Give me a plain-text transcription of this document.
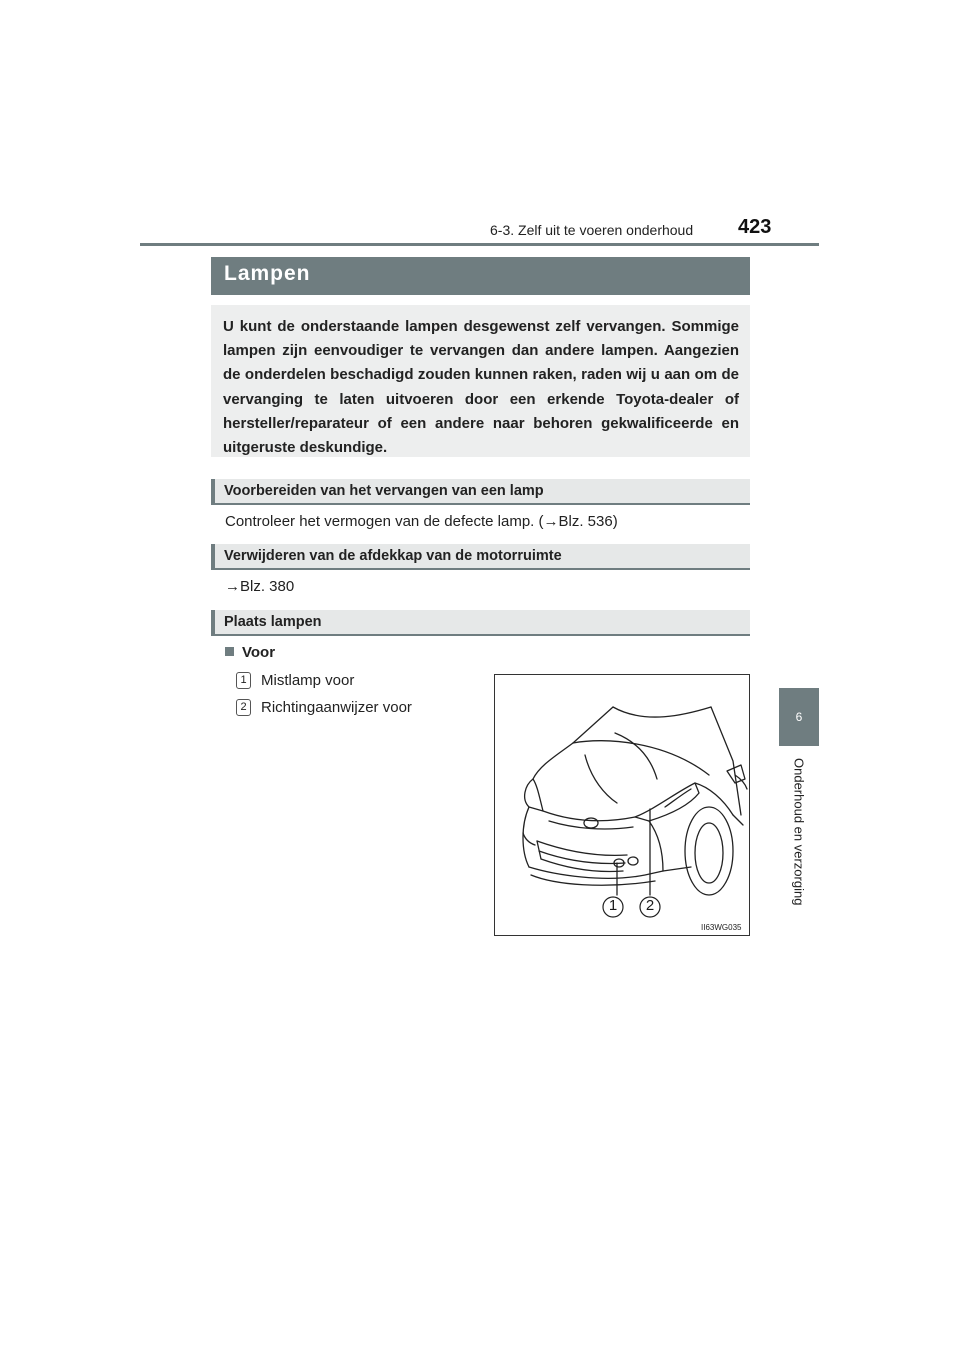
6-3. Zelf uit te voeren onderhoud 423
6
Onderhoud en verzorging
Lampen

U kunt de onderstaande lampen desgewenst zelf vervangen. Sommige lampen zijn eenvoudiger te vervangen dan andere lampen. Aangezien de onderdelen beschadigd zouden kunnen raken, raden wij u aan om de vervanging te laten uitvoeren door een erkende Toyota-dealer of hersteller/reparateur of een andere naar behoren gekwalificeerde en uitgeruste deskundige.

Voorbereiden van het vervangen van een lamp
Controleer het vermogen van de defecte lamp. (→Blz. 536)
Verwijderen van de afdekkap van de motorruimte
→Blz. 380
Plaats lampen
Voor
1 Mistlamp voor
2 Richtingaanwijzer voor
1 2
II63WG035
